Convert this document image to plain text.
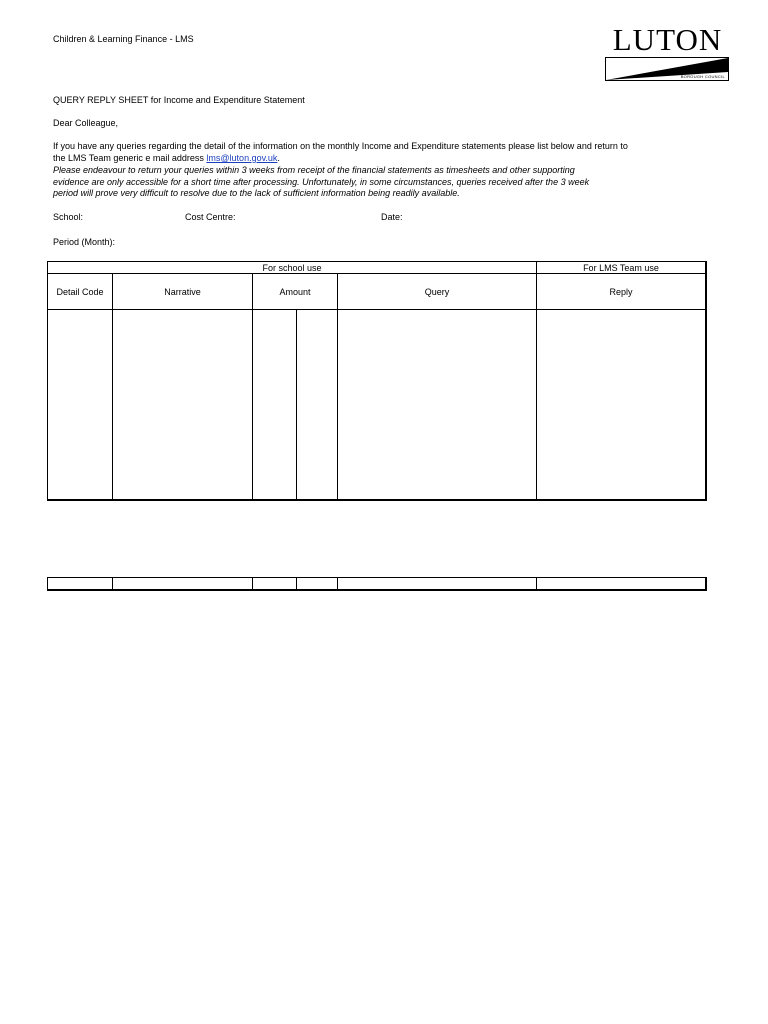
Children & Learning Finance - LMS	LUTON
BOROUGH COUNCIL
QUERY REPLY SHEET for Income and Expenditure Statement
Dear Colleague,
If you have any queries regarding the detail of the information on the monthly Income and Expenditure statements please list below and return to
the LMS Team generic e mail address lms@luton.gov.uk.
Please endeavour to return your queries within 3 weeks from receipt of the financial statements as timesheets and other supporting
evidence are only accessible for a short time after processing. Unfortunately, in some circumstances, queries received after the 3 week
period will prove very difficult to resolve due to the lack of sufficient information being readily available.
School:	Cost Centre:	Date:
Period (Month):
For school use	For LMS Team use
Detail Code	Narrative	Amount	Query	Reply
